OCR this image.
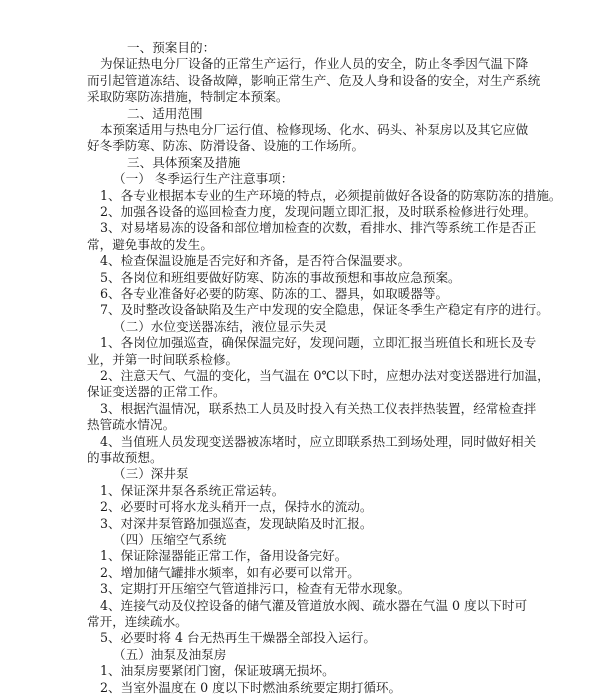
一、预案目的：
为保证热电分厂设备的正常生产运行，作业人员的安全，防止冬季因气温下降
而引起管道冻结、设备故障，影响正常生产、危及人身和设备的安全，对生产系统
采取防寒防冻措施，特制定本预案。
二、适用范围
本预案适用与热电分厂运行值、检修现场、化水、码头、补泵房以及其它应做
好冬季防寒、防冻、防滑设备、设施的工作场所。
三、具体预案及措施
（一） 冬季运行生产注意事项：
1、各专业根据本专业的生产环境的特点，必须提前做好各设备的防寒防冻的措施。
2、加强各设备的巡回检查力度，发现问题立即汇报，及时联系检修进行处理。
3、对易堵易冻的设备和部位增加检查的次数，看排水、排汽等系统工作是否正
常，避免事故的发生。
4、检查保温设施是否完好和齐备，是否符合保温要求。
5、各岗位和班组要做好防寒、防冻的事故预想和事故应急预案。
6、各专业准备好必要的防寒、防冻的工、器具，如取暖器等。
7、及时整改设备缺陷及生产中发现的安全隐患，保证冬季生产稳定有序的进行。
（二）水位变送器冻结，液位显示失灵
1、各岗位加强巡查，确保保温完好，发现问题，立即汇报当班值长和班长及专
业，并第一时间联系检修。
2、注意天气、气温的变化，当气温在 0℃以下时，应想办法对变送器进行加温，
保证变送器的正常工作。
3、根据汽温情况，联系热工人员及时投入有关热工仪表拌热装置，经常检查拌
热管疏水情况。
4、当值班人员发现变送器被冻堵时，应立即联系热工到场处理，同时做好相关
的事故预想。
（三）深井泵
1、保证深井泵各系统正常运转。
2、必要时可将水龙头稍开一点，保持水的流动。
3、对深井泵管路加强巡查，发现缺陷及时汇报。
（四）压缩空气系统
1、保证除湿器能正常工作，备用设备完好。
2、增加储气罐排水频率，如有必要可以常开。
3、定期打开压缩空气管道排污口，检查有无带水现象。
4、连接气动及仪控设备的储气灌及管道放水阀、疏水器在气温 0 度以下时可
常开，连续疏水。
5、必要时将 4 台无热再生干燥器全部投入运行。
（五）油泵及油泵房
1、油泵房要紧闭门窗，保证玻璃无损坏。
2、当室外温度在 0 度以下时燃油系统要定期打循环。
